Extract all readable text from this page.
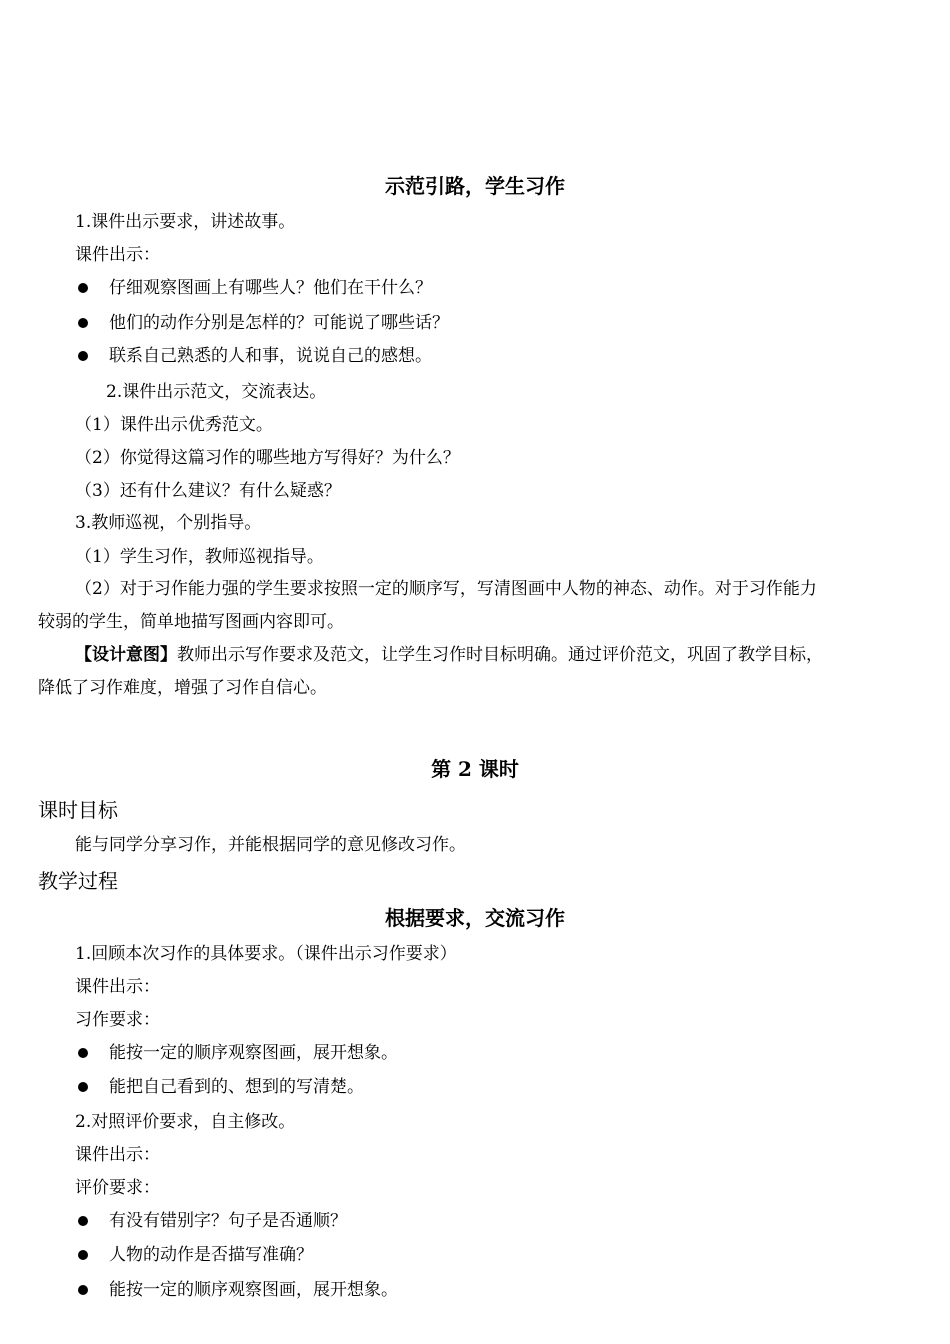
示范引路，学生习作
1.课件出示要求，讲述故事。
课件出示：
仔细观察图画上有哪些人？他们在干什么？
他们的动作分别是怎样的？可能说了哪些话？
联系自己熟悉的人和事，说说自己的感想。
2.课件出示范文，交流表达。
（1）课件出示优秀范文。
（2）你觉得这篇习作的哪些地方写得好？为什么？
（3）还有什么建议？有什么疑惑？
3.教师巡视，个别指导。
（1）学生习作，教师巡视指导。
（2）对于习作能力强的学生要求按照一定的顺序写，写清图画中人物的神态、动作。对于习作能力
较弱的学生，简单地描写图画内容即可。
【设计意图】教师出示写作要求及范文，让学生习作时目标明确。通过评价范文，巩固了教学目标，
降低了习作难度，增强了习作自信心。
第 2 课时
课时目标
能与同学分享习作，并能根据同学的意见修改习作。
教学过程
根据要求，交流习作
1.回顾本次习作的具体要求。（课件出示习作要求）
课件出示：
习作要求：
能按一定的顺序观察图画，展开想象。
能把自己看到的、想到的写清楚。
2.对照评价要求，自主修改。
课件出示：
评价要求：
有没有错别字？句子是否通顺？
人物的动作是否描写准确？
能按一定的顺序观察图画，展开想象。
